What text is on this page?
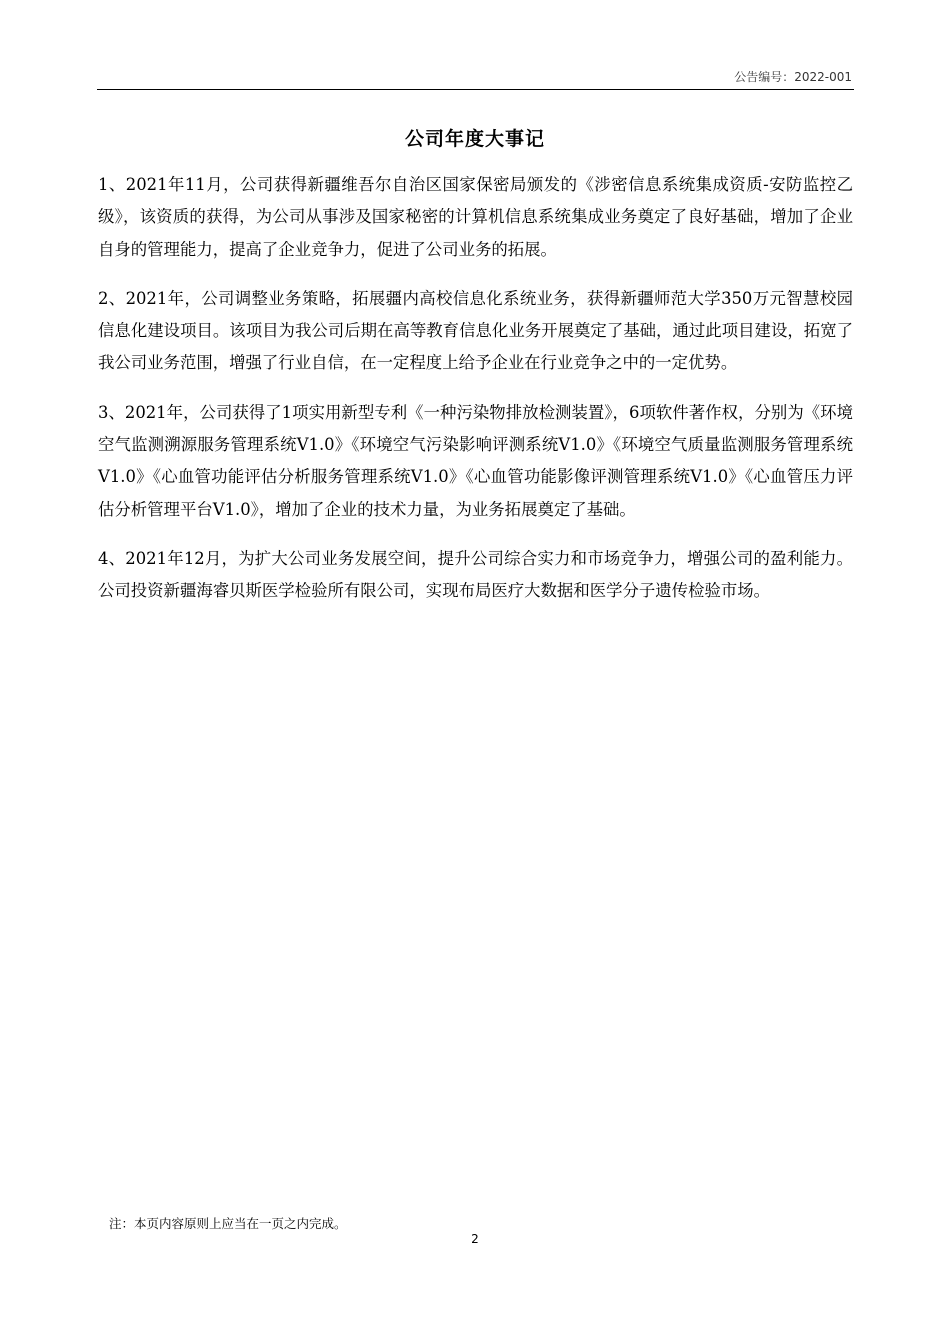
公告编号：2022-001
公司年度大事记

1、2021年11月，公司获得新疆维吾尔自治区国家保密局颁发的《涉密信息系统集成资质-安防监控乙级》，该资质的获得，为公司从事涉及国家秘密的计算机信息系统集成业务奠定了良好基础，增加了企业自身的管理能力，提高了企业竞争力，促进了公司业务的拓展。

2、2021年，公司调整业务策略，拓展疆内高校信息化系统业务，获得新疆师范大学350万元智慧校园信息化建设项目。该项目为我公司后期在高等教育信息化业务开展奠定了基础，通过此项目建设，拓宽了我公司业务范围，增强了行业自信，在一定程度上给予企业在行业竞争之中的一定优势。

3、2021年，公司获得了1项实用新型专利《一种污染物排放检测装置》，6项软件著作权，分别为《环境空气监测溯源服务管理系统V1.0》《环境空气污染影响评测系统V1.0》《环境空气质量监测服务管理系统V1.0》《心血管功能评估分析服务管理系统V1.0》《心血管功能影像评测管理系统V1.0》《心血管压力评估分析管理平台V1.0》，增加了企业的技术力量，为业务拓展奠定了基础。

4、2021年12月，为扩大公司业务发展空间，提升公司综合实力和市场竞争力，增强公司的盈利能力。公司投资新疆海睿贝斯医学检验所有限公司，实现布局医疗大数据和医学分子遗传检验市场。

注：本页内容原则上应当在一页之内完成。
2
